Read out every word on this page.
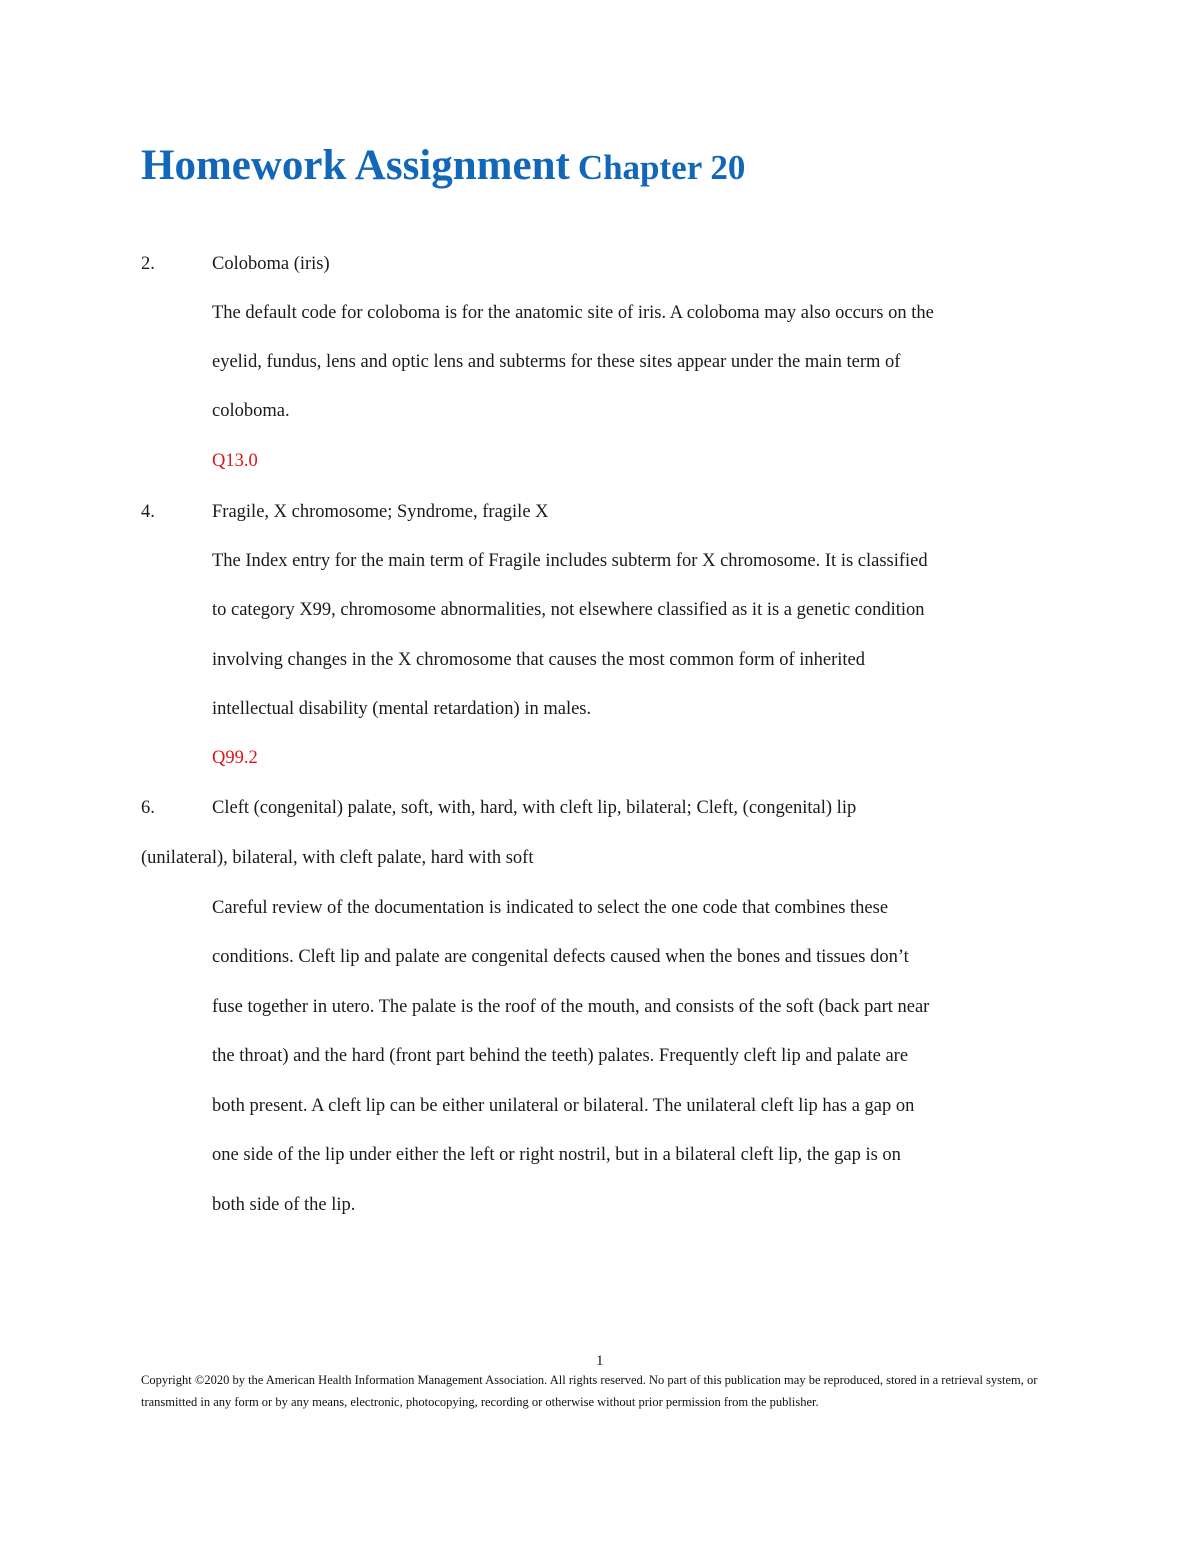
Homework Assignment Chapter 20

2.	Coloboma (iris)

The default code for coloboma is for the anatomic site of iris. A coloboma may also occurs on the

eyelid, fundus, lens and optic lens and subterms for these sites appear under the main term of

coloboma.

Q13.0

4.	Fragile, X chromosome; Syndrome, fragile X

The Index entry for the main term of Fragile includes subterm for X chromosome. It is classified

to category X99, chromosome abnormalities, not elsewhere classified as it is a genetic condition

involving changes in the X chromosome that causes the most common form of inherited

intellectual disability (mental retardation) in males.

Q99.2

6.	Cleft (congenital) palate, soft, with, hard, with cleft lip, bilateral; Cleft, (congenital) lip

(unilateral), bilateral, with cleft palate, hard with soft

Careful review of the documentation is indicated to select the one code that combines these

conditions. Cleft lip and palate are congenital defects caused when the bones and tissues don’t

fuse together in utero. The palate is the roof of the mouth, and consists of the soft (back part near

the throat) and the hard (front part behind the teeth) palates. Frequently cleft lip and palate are

both present. A cleft lip can be either unilateral or bilateral. The unilateral cleft lip has a gap on

one side of the lip under either the left or right nostril, but in a bilateral cleft lip, the gap is on

both side of the lip.

1

Copyright ©2020 by the American Health Information Management Association. All rights reserved. No part of this publication may be reproduced, stored in a retrieval system, or transmitted in any form or by any means, electronic, photocopying, recording or otherwise without prior permission from the publisher.
